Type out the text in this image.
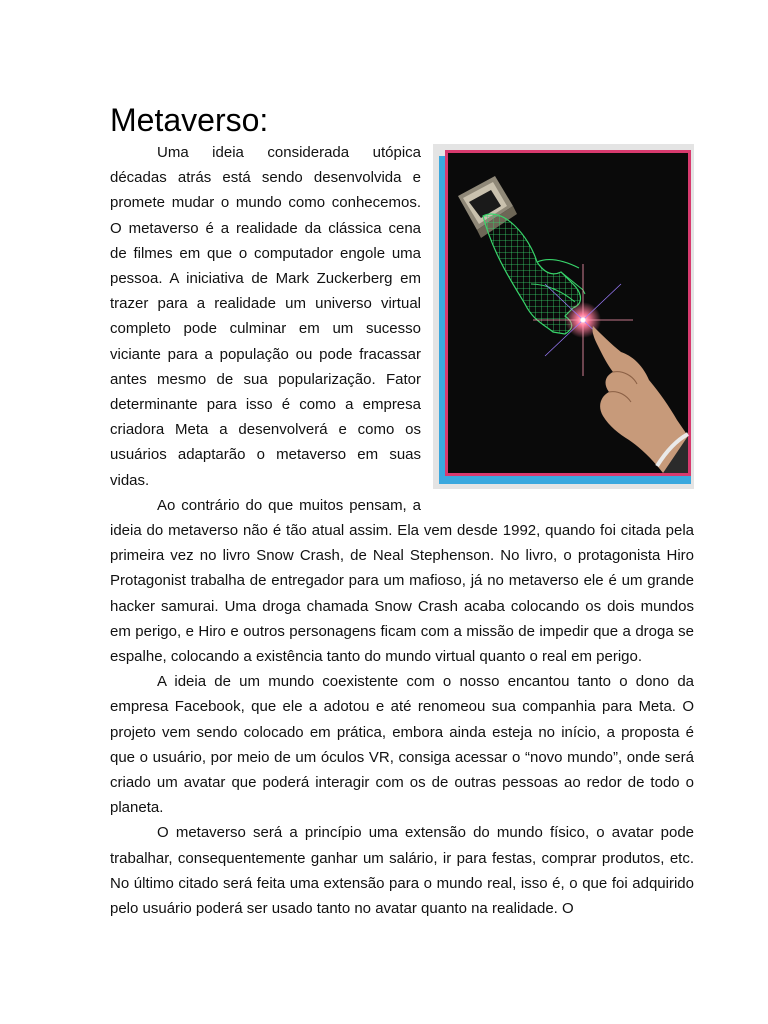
Metaverso:

Uma ideia considerada utópica décadas atrás está sendo desenvolvida e promete mudar o mundo como conhecemos. O metaverso é a realidade da clássica cena de filmes em que o computador engole uma pessoa. A iniciativa de Mark Zuckerberg em trazer para a realidade um universo virtual completo pode culminar em um sucesso viciante para a população ou pode fracassar antes mesmo de sua popularização. Fator determinante para isso é como a empresa criadora Meta a desenvolverá e como os usuários adaptarão o metaverso em suas vidas.

Ao contrário do que muitos pensam, a ideia do metaverso não é tão atual assim. Ela vem desde 1992, quando foi citada pela primeira vez no livro Snow Crash, de Neal Stephenson. No livro, o protagonista Hiro Protagonist trabalha de entregador para um mafioso, já no metaverso ele é um grande hacker samurai. Uma droga chamada Snow Crash acaba colocando os dois mundos em perigo, e Hiro e outros personagens ficam com a missão de impedir que a droga se espalhe, colocando a existência tanto do mundo virtual quanto o real em perigo.

A ideia de um mundo coexistente com o nosso encantou tanto o dono da empresa Facebook, que ele a adotou e até renomeou sua companhia para Meta. O projeto vem sendo colocado em prática, embora ainda esteja no início, a proposta é que o usuário, por meio de um óculos VR, consiga acessar o “novo mundo”, onde será criado um avatar que poderá interagir com os de outras pessoas ao redor de todo o planeta.

O metaverso será a princípio uma extensão do mundo físico, o avatar pode trabalhar, consequentemente ganhar um salário, ir para festas, comprar produtos, etc. No último citado será feita uma extensão para o mundo real, isso é, o que foi adquirido pelo usuário poderá ser usado tanto no avatar quanto na realidade. O
